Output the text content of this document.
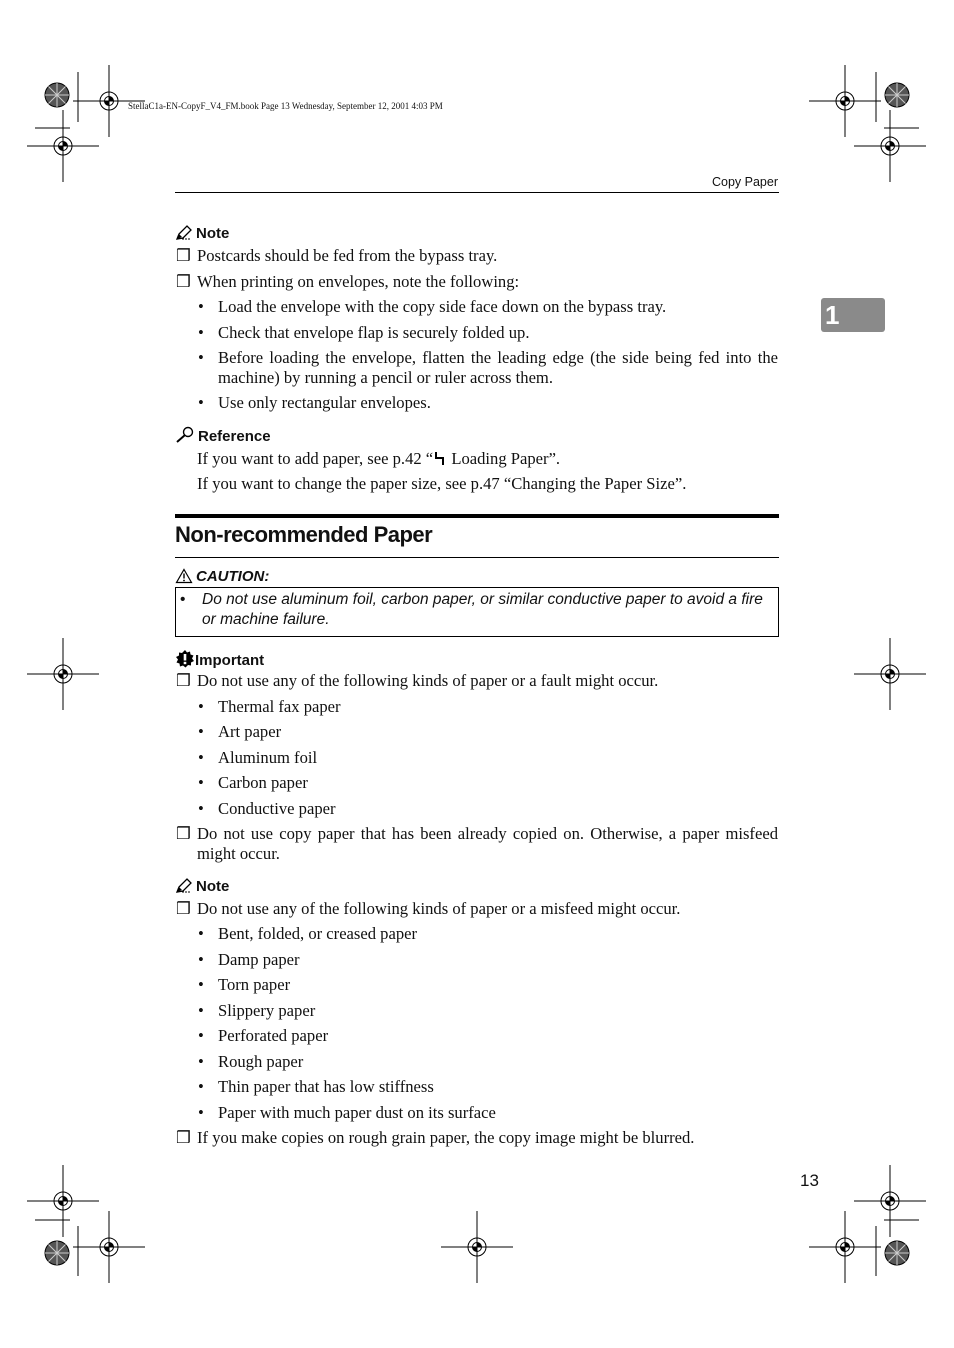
StellaC1a-EN-CopyF_V4_FM.book Page 13 Wednesday, September 12, 2001 4:03 PM
Copy Paper
1
Note
❒ Postcards should be fed from the bypass tray.
❒ When printing on envelopes, note the following:
• Load the envelope with the copy side face down on the bypass tray.
• Check that envelope flap is securely folded up.
• Before loading the envelope, flatten the leading edge (the side being fed into the machine) by running a pencil or ruler across them.
• Use only rectangular envelopes.
Reference
If you want to add paper, see p.42 “ Loading Paper”.
If you want to change the paper size, see p.47 “Changing the Paper Size”.
Non-recommended Paper
CAUTION:
• Do not use aluminum foil, carbon paper, or similar conductive paper to avoid a fire or machine failure.
Important
❒ Do not use any of the following kinds of paper or a fault might occur.
• Thermal fax paper
• Art paper
• Aluminum foil
• Carbon paper
• Conductive paper
❒ Do not use copy paper that has been already copied on. Otherwise, a paper misfeed might occur.
Note
❒ Do not use any of the following kinds of paper or a misfeed might occur.
• Bent, folded, or creased paper
• Damp paper
• Torn paper
• Slippery paper
• Perforated paper
• Rough paper
• Thin paper that has low stiffness
• Paper with much paper dust on its surface
❒ If you make copies on rough grain paper, the copy image might be blurred.
13
